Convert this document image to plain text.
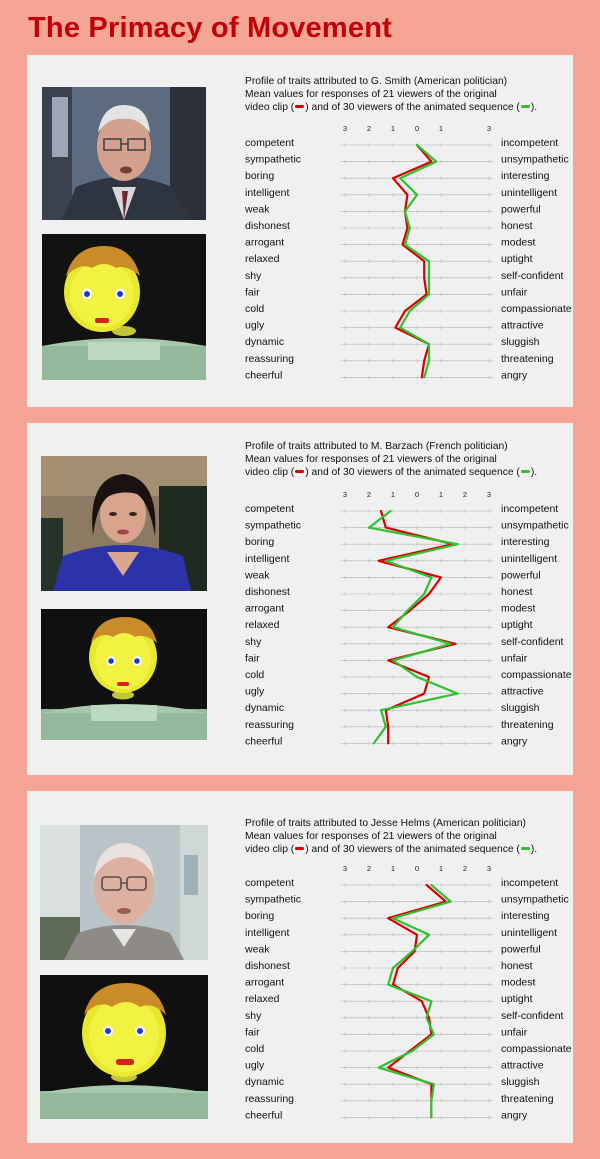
The Primacy of Movement
Profile of traits attributed to G. Smith (American politician)
Mean values for responses of 21 viewers of the original
video clip ( ) and of 30 viewers of the animated sequence ( ).
3	2	1	0	1	3
competent	incompetent
sympathetic	unsympathetic
boring	interesting
intelligent	unintelligent
weak	powerful
dishonest	honest
arrogant	modest
relaxed	uptight
shy	self-confident
fair	unfair
cold	compassionate
ugly	attractive
dynamic	sluggish
reassuring	threatening
cheerful	angry
Profile of traits attributed to M. Barzach (French politician)
Mean values for responses of 21 viewers of the original
video clip ( ) and of 30 viewers of the animated sequence ( ).
3	2	1	0	1	2	3
competent	incompetent
sympathetic	unsympathetic
boring	interesting
intelligent	unintelligent
weak	powerful
dishonest	honest
arrogant	modest
relaxed	uptight
shy	self-confident
fair	unfair
cold	compassionate
ugly	attractive
dynamic	sluggish
reassuring	threatening
cheerful	angry
Profile of traits attributed to Jesse Helms (American politician)
Mean values for responses of 21 viewers of the original
video clip ( ) and of 30 viewers of the animated sequence ( ).
3	2	1	0	1	2	3
competent	incompetent
sympathetic	unsympathetic
boring	interesting
intelligent	unintelligent
weak	powerful
dishonest	honest
arrogant	modest
relaxed	uptight
shy	self-confident
fair	unfair
cold	compassionate
ugly	attractive
dynamic	sluggish
reassuring	threatening
cheerful	angry
